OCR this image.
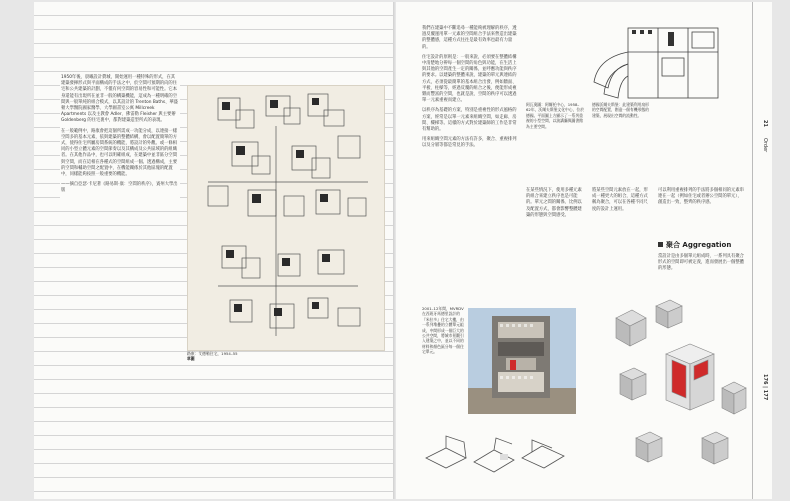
1950年後，晨曦設計費城，開始運用一種特殊的形式，在其建築發揮形式與平面構成的手法之中，於空間可預期的向的住宅和公共建築的計劃，不僅有何空間的容易性和可能性。它本身還能有出現所在並非一般的構築機能，這成為一種明確的空間與一般單純的組合模式，以其設計的 Trenton Baths、華盛頓大學醫院國家醫學、大學圖書室公寓 Millcreek Apartments 以及主教會 Adler、佛雷勒 Fleisher 與主要辦 Goldenberg 的住宅裏中，都對建築造型所式的表現。

在一般範例中，路康會把這個所需成一功能分成，以連接一樣空間多的基本元素，依與建築的整體結構，會以配置簡單的方式，使得住宅所屬房間系統的機能，將設計的外觀。或一條相同的小型立體元素的空間節奏以及其構成及公共區域的的組織者。在其他作品中，也可以明確組成，在建築中並非區分空間與空間，而在這相在各種式的空間組成一個。透過構成，主要的空間和輔助空間之配置中，在機能關係於其他區塊的配置中，同樣能夠按照一般重要的機能。

——摘自亞瑟‧卡尼著《路易斯‧康：空間的秩序》，賓州大學出版

路康：艾德勒住宅，1954–55
草圖

我們在建築中不斷追尋一種能夠被理解的秩序，透過反覆運用單一元素的空間組合手法來營造出建築的整體感，這種方式往往是最有效率也最有力量的。

住宅設計的原則是：一般來說，必須要在整體結構中清楚地分辨每一個空間的角色與功能，在生活上與其他的空間產生一定的關係，並呼應功能與秩序的要求。以建築的整體來說，建築的單元與連結的方式，必須從最簡單的基本組合出發，例如牆面、平板、柱樑等，經過反覆的組合之後，便能形成複雜而豐富的空間，也就是說，空間的秩序可以透過單一元素重複而建立。

以秩序為基礎的方案，特別是重複性的形式風格的方案，經常是以單一元素來組織空間，如走廊、房間、樓梯等。這樣的方式對於建築師的工作是非常有幫助的。

用來組織空間元素的方法有許多，聚合、重複排列以及分層等都是常見的手法。

阿瓦奧圖：阿爾托中心，1958–62年，沃爾夫斯堡文化中心，位於德國。平面圖上方顯示了一系列重複的小型空間，以演講廳與圖書館為主要空間。
德國沃爾夫斯堡：此建築利用扇形的空間配置，創造一個有機形態的建築，展現出空間的流動性。

在某些情況下，使用多種元素的組合來建立秩序也是可能的。單元之間的關係、比例以及配置方式，都會影響整體建築的形態與空間感受。

將某些空間元素放在一起，形成一種更大的組合，這種方式稱為聚合，可以在各種不同尺度的設計上運用。

可以利用重複排列的手法將多個相同的元素串連在一起（例如住宅或者辦公空間的單元），創造出一致、整齊的秩序感。

聚合 Aggregation

當設計是由多個單元組成時，一系列具有聚合形式的空間即可被定義，進而發展出一個整體的形態。

2001–12年間，MVRDV 在西班牙馬德里設計的『米拉多』住宅大樓，由一系列堆疊的立體單元組成，中間形成一個巨大的公共空間，將城市景觀引入建築之中，並以不同的材料和顏色區分每一個住宅單元。
21
Order
176 | 177
